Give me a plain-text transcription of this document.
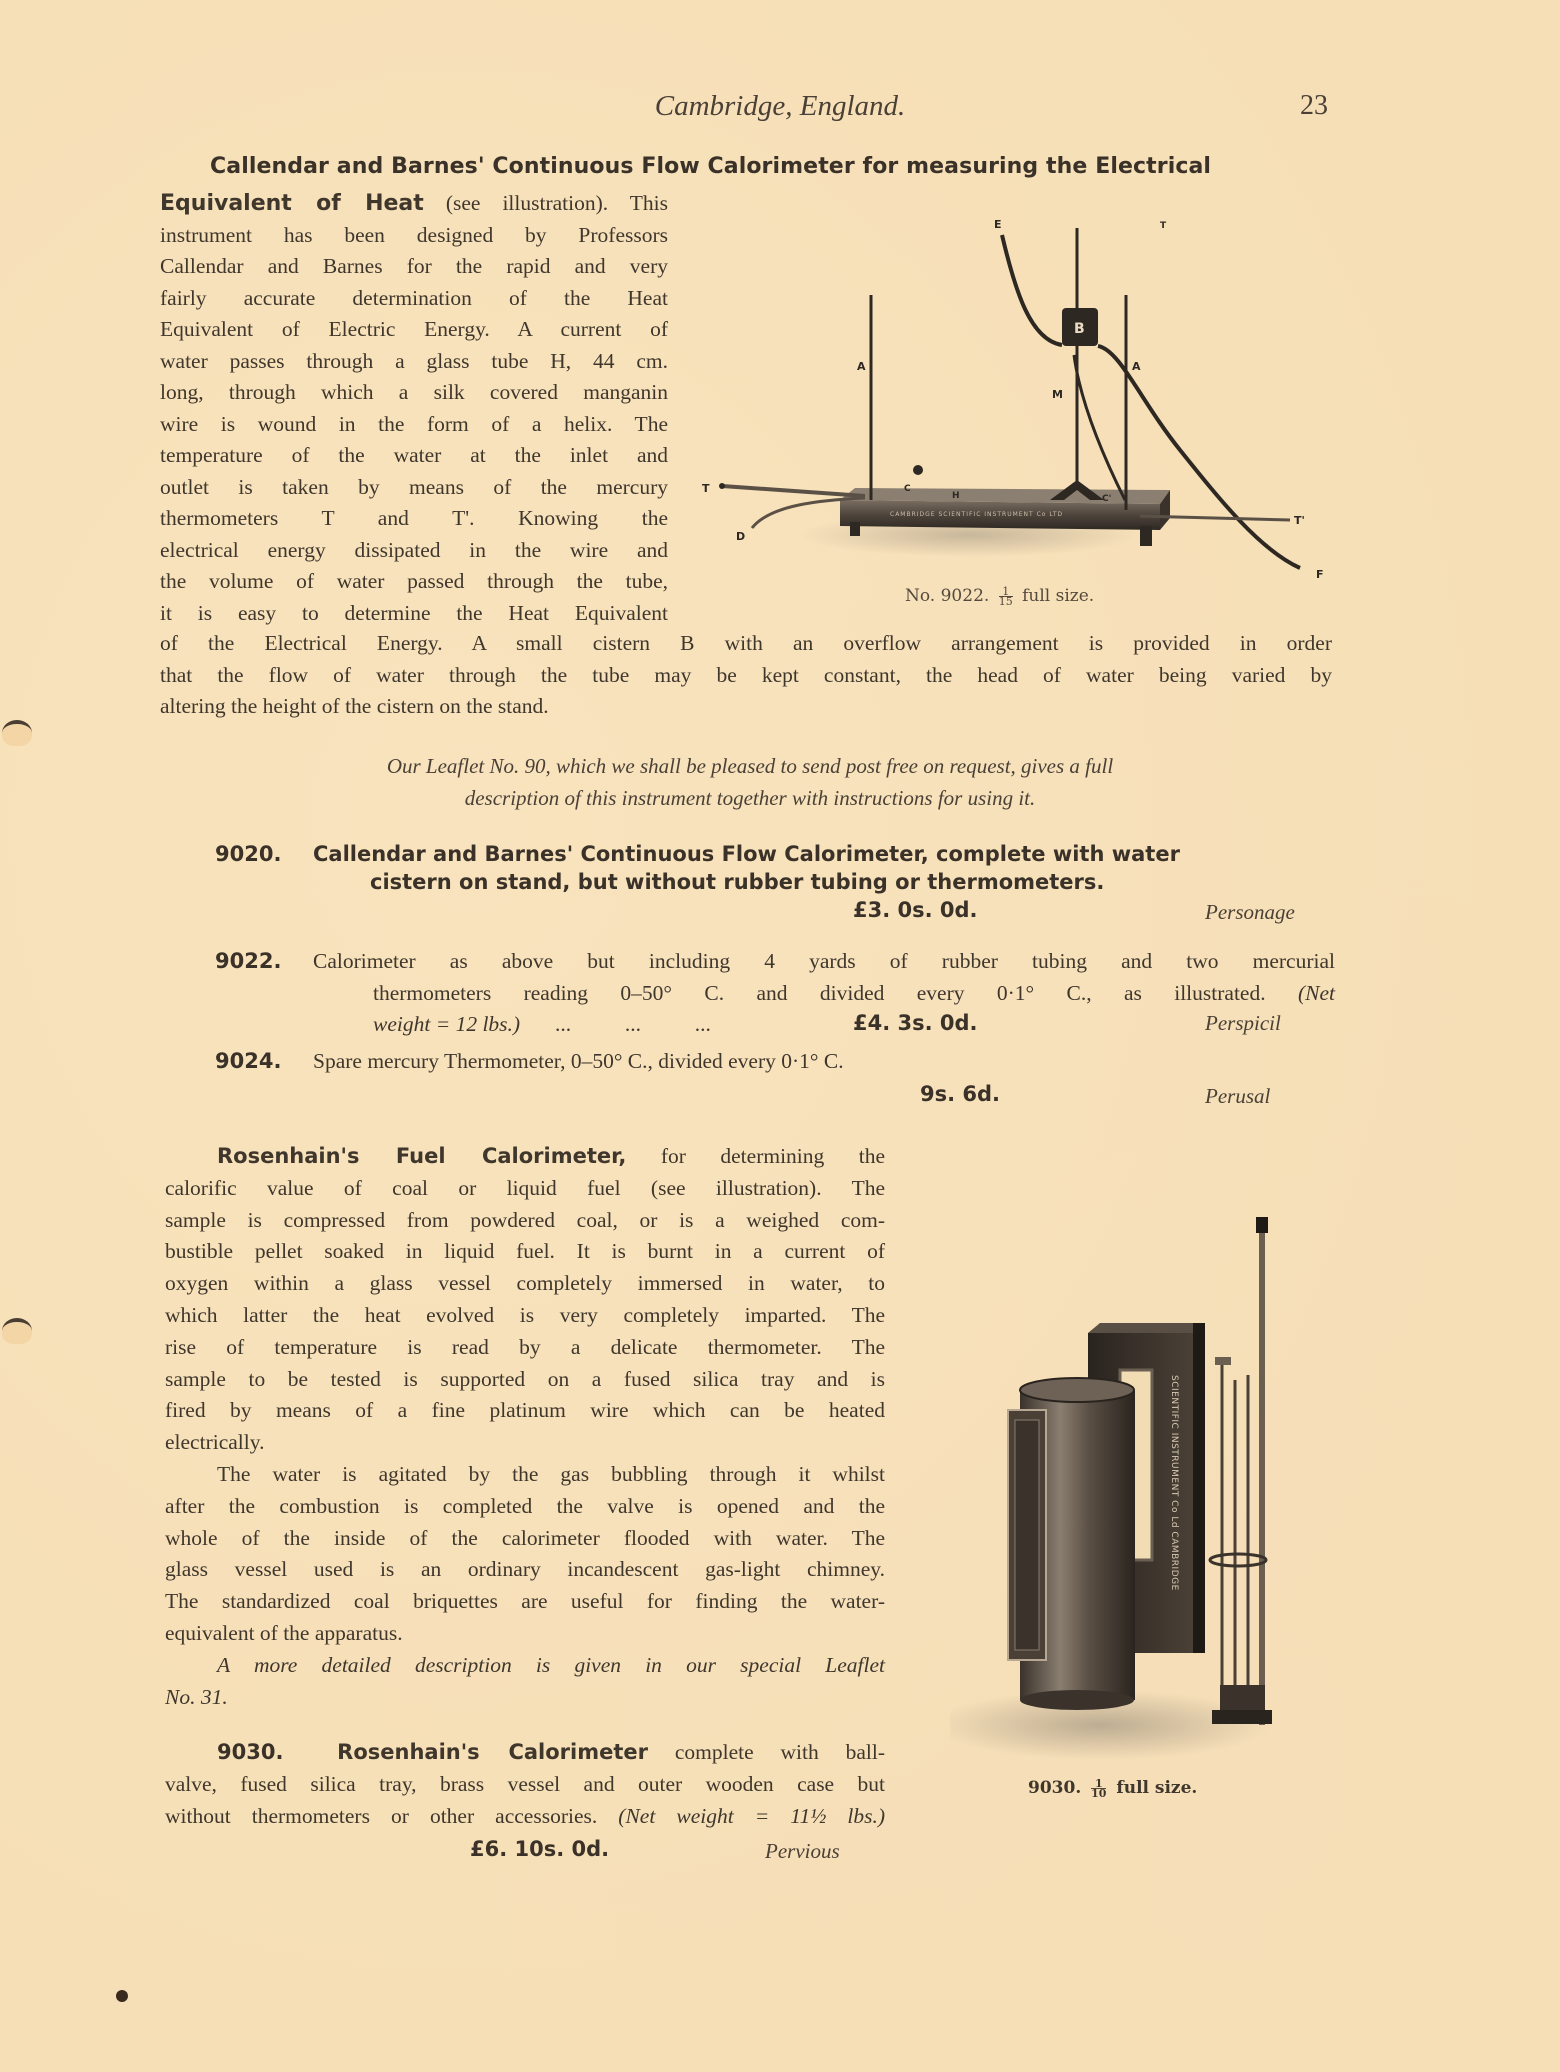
Cambridge, England.	23
Callendar and Barnes' Continuous Flow Calorimeter for measuring the Electrical
Equivalent of Heat (see illustration). This
instrument has been designed by Professors
Callendar and Barnes for the rapid and very
fairly accurate determination of the Heat
Equivalent of Electric Energy. A current of
water passes through a glass tube H, 44 cm.
long, through which a silk covered manganin
wire is wound in the form of a helix. The
temperature of the water at the inlet and
outlet is taken by means of the mercury
thermometers T and T'. Knowing the
electrical energy dissipated in the wire and
the volume of water passed through the tube,
it is easy to determine the Heat Equivalent
CAMBRIDGE SCIENTIFIC INSTRUMENT Co LTD
B
E	T
A	A
M
T	C
H	C'
D
T'
F
No. 9022. $\frac{1}{15}$ full size.
of the Electrical Energy. A small cistern B with an overflow arrangement is provided in order
that the flow of water through the tube may be kept constant, the head of water being varied by
altering the height of the cistern on the stand.
Our Leaflet No. 90, which we shall be pleased to send post free on request, gives a full
description of this instrument together with instructions for using it.
9020.	Callendar and Barnes' Continuous Flow Calorimeter, complete with water
cistern on stand, but without rubber tubing or thermometers.
£3. 0s. 0d.	Personage
9022.	Calorimeter as above but including 4 yards of rubber tubing and two mercurial
thermometers reading 0–50° C. and divided every 0·1° C., as illustrated. (Net
weight = 12 lbs.) ...          ...          ...	£4. 3s. 0d.	Perspicil
9024.	Spare mercury Thermometer, 0–50° C., divided every 0·1° C.
9s. 6d.	Perusal
Rosenhain's Fuel Calorimeter, for determining the
calorific value of coal or liquid fuel (see illustration). The
sample is compressed from powdered coal, or is a weighed com-
bustible pellet soaked in liquid fuel. It is burnt in a current of
oxygen within a glass vessel completely immersed in water, to
which latter the heat evolved is very completely imparted. The
rise of temperature is read by a delicate thermometer. The
sample to be tested is supported on a fused silica tray and is
fired by means of a fine platinum wire which can be heated
electrically.
The water is agitated by the gas bubbling through it whilst
after the combustion is completed the valve is opened and the
whole of the inside of the calorimeter flooded with water. The
glass vessel used is an ordinary incandescent gas-light chimney.
The standardized coal briquettes are useful for finding the water-
equivalent of the apparatus.
A more detailed description is given in our special Leaflet
No. 31.
9030.	Rosenhain's Calorimeter complete with ball-
valve, fused silica tray, brass vessel and outer wooden case but
without thermometers or other accessories. (Net weight = 11½ lbs.)
£6. 10s. 0d.	Pervious
SCIENTIFIC INSTRUMENT Co Ld CAMBRIDGE
9030. $\frac{1}{10}$ full size.
